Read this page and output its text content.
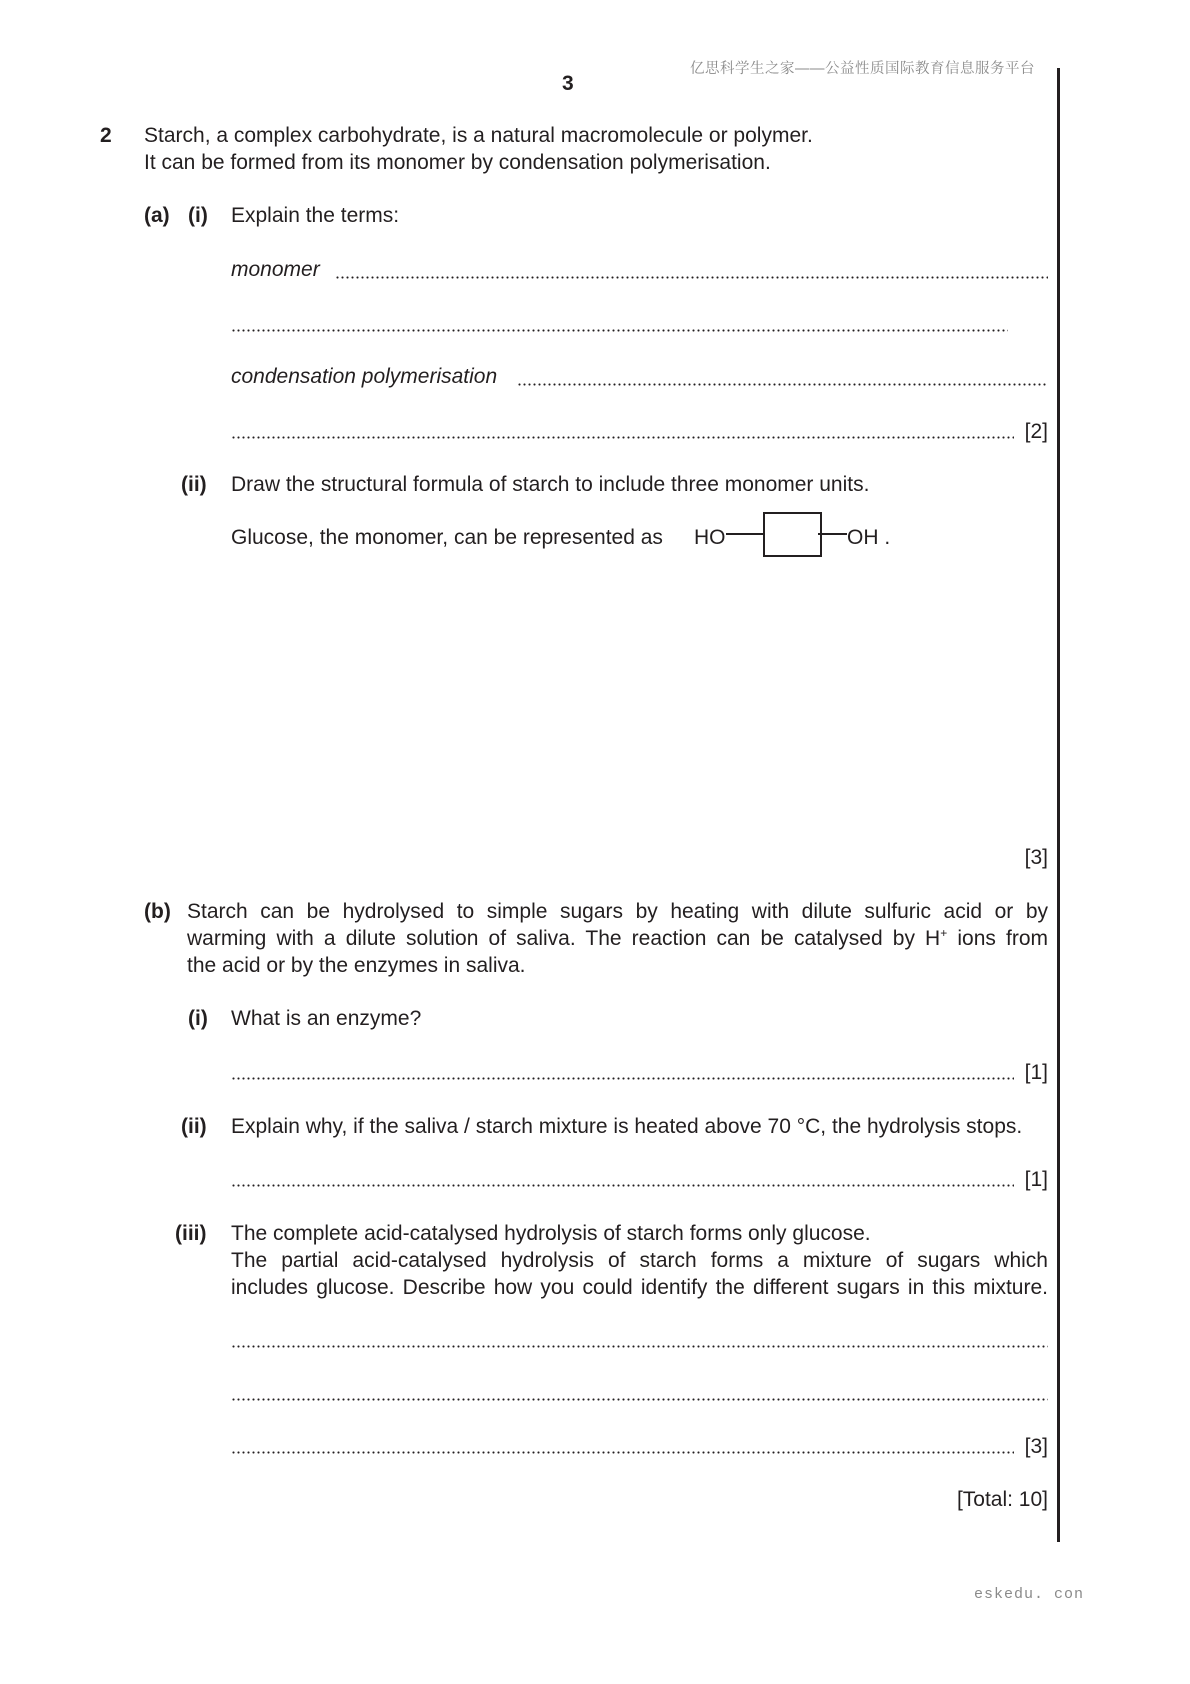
亿思科学生之家——公益性质国际教育信息服务平台
3
2 Starch, a complex carbohydrate, is a natural macromolecule or polymer.
It can be formed from its monomer by condensation polymerisation.
(a) (i) Explain the terms:
monomer
condensation polymerisation
[2]
(ii) Draw the structural formula of starch to include three monomer units.
Glucose, the monomer, can be represented as HO	OH .
[3]
(b) Starch can be hydrolysed to simple sugars by heating with dilute sulfuric acid or by
warming with a dilute solution of saliva. The reaction can be catalysed by H+ ions from
the acid or by the enzymes in saliva.
(i) What is an enzyme?
[1]
(ii) Explain why, if the saliva / starch mixture is heated above 70 °C, the hydrolysis stops.
[1]
(iii) The complete acid-catalysed hydrolysis of starch forms only glucose.
The partial acid-catalysed hydrolysis of starch forms a mixture of sugars which
includes glucose. Describe how you could identify the different sugars in this mixture.
[3]
[Total: 10]
eskedu. con
